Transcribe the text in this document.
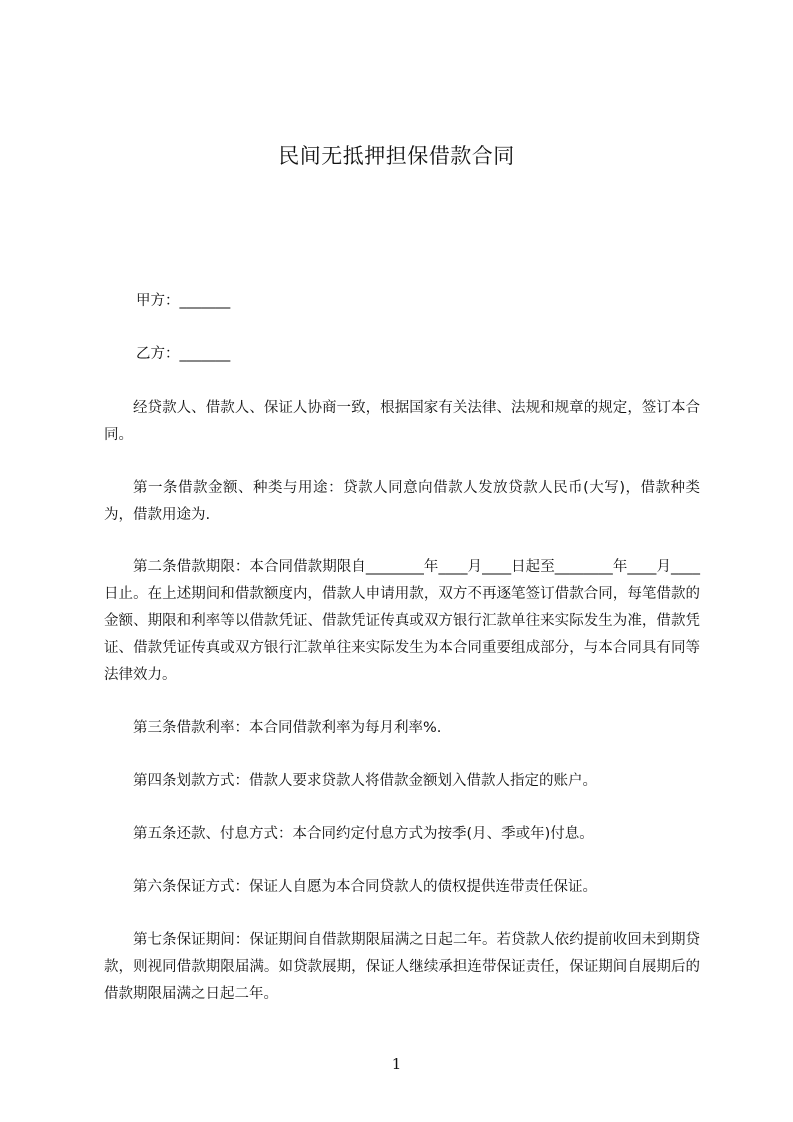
民间无抵押担保借款合同
甲方：_______
乙方：_______

经贷款人、借款人、保证人协商一致，根据国家有关法律、法规和规章的规定，签订本合同。

第一条借款金额、种类与用途：贷款人同意向借款人发放贷款人民币(大写)，借款种类为，借款用途为.

第二条借款期限：本合同借款期限自________年____月____日起至________年____月____日止。在上述期间和借款额度内，借款人申请用款，双方不再逐笔签订借款合同，每笔借款的金额、期限和利率等以借款凭证、借款凭证传真或双方银行汇款单往来实际发生为准，借款凭证、借款凭证传真或双方银行汇款单往来实际发生为本合同重要组成部分，与本合同具有同等法律效力。

第三条借款利率：本合同借款利率为每月利率%.

第四条划款方式：借款人要求贷款人将借款金额划入借款人指定的账户。

第五条还款、付息方式：本合同约定付息方式为按季(月、季或年)付息。

第六条保证方式：保证人自愿为本合同贷款人的债权提供连带责任保证。

第七条保证期间：保证期间自借款期限届满之日起二年。若贷款人依约提前收回未到期贷款，则视同借款期限届满。如贷款展期，保证人继续承担连带保证责任，保证期间自展期后的借款期限届满之日起二年。

1
